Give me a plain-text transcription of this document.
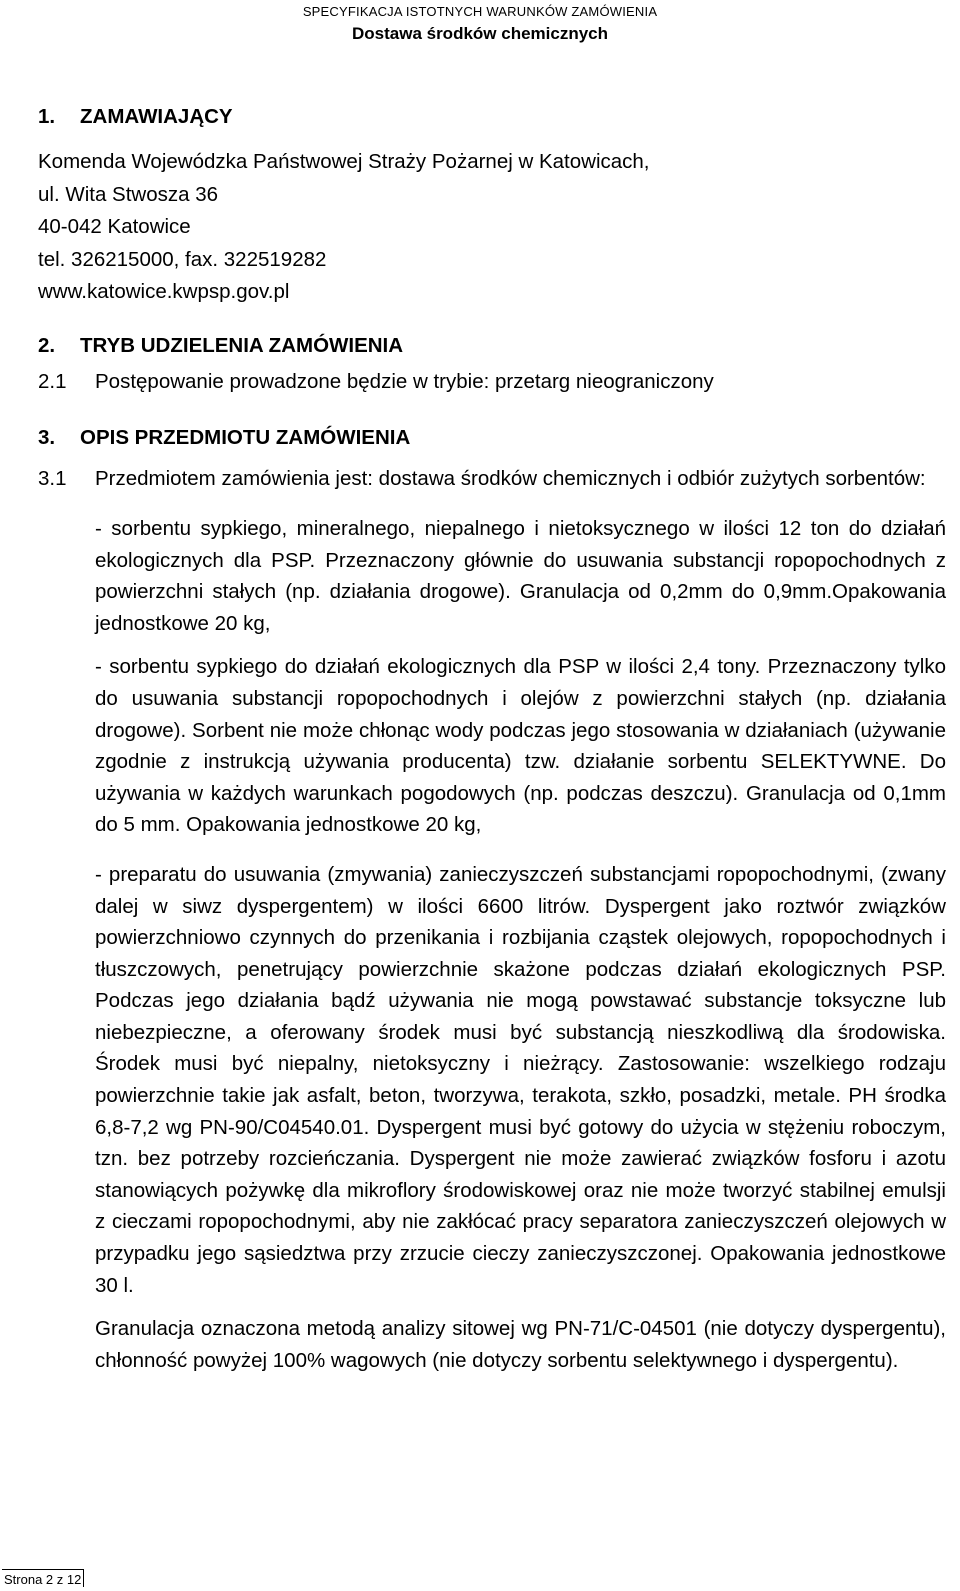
SPECYFIKACJA ISTOTNYCH WARUNKÓW ZAMÓWIENIA
Dostawa środków chemicznych
1. ZAMAWIAJĄCY
Komenda Wojewódzka Państwowej Straży Pożarnej w Katowicach,
ul. Wita Stwosza 36
40-042 Katowice
tel. 326215000, fax. 322519282
www.katowice.kwpsp.gov.pl
2. TRYB UDZIELENIA ZAMÓWIENIA
2.1 Postępowanie prowadzone będzie w trybie: przetarg nieograniczony
3. OPIS PRZEDMIOTU ZAMÓWIENIA
3.1 Przedmiotem zamówienia jest: dostawa środków chemicznych i odbiór zużytych sorbentów:
- sorbentu sypkiego, mineralnego, niepalnego i nietoksycznego w ilości 12 ton do działań ekologicznych dla PSP. Przeznaczony głównie do usuwania substancji ropopochodnych z powierzchni stałych (np. działania drogowe). Granulacja od 0,2mm do 0,9mm.Opakowania jednostkowe 20 kg,
- sorbentu sypkiego do działań ekologicznych dla PSP w ilości 2,4 tony. Przeznaczony tylko do usuwania substancji ropopochodnych i olejów z powierzchni stałych (np. działania drogowe). Sorbent nie może chłonąc wody podczas jego stosowania w działaniach (używanie zgodnie z instrukcją używania producenta) tzw. działanie sorbentu SELEKTYWNE. Do używania w każdych warunkach pogodowych (np. podczas deszczu). Granulacja od 0,1mm do 5 mm. Opakowania jednostkowe 20 kg,
- preparatu do usuwania (zmywania) zanieczyszczeń substancjami ropopochodnymi, (zwany dalej w siwz dyspergentem) w ilości 6600 litrów. Dyspergent jako roztwór związków powierzchniowo czynnych do przenikania i rozbijania cząstek olejowych, ropopochodnych i tłuszczowych, penetrujący powierzchnie skażone podczas działań ekologicznych PSP. Podczas jego działania bądź używania nie mogą powstawać substancje toksyczne lub niebezpieczne, a oferowany środek musi być substancją nieszkodliwą dla środowiska. Środek musi być niepalny, nietoksyczny i nieżrący. Zastosowanie: wszelkiego rodzaju powierzchnie takie jak asfalt, beton, tworzywa, terakota, szkło, posadzki, metale. PH środka 6,8-7,2 wg PN-90/C04540.01. Dyspergent musi być gotowy do użycia w stężeniu roboczym, tzn. bez potrzeby rozcieńczania. Dyspergent nie może zawierać związków fosforu i azotu stanowiących pożywkę dla mikroflory środowiskowej oraz nie może tworzyć stabilnej emulsji z cieczami ropopochodnymi, aby nie zakłócać pracy separatora zanieczyszczeń olejowych w przypadku jego sąsiedztwa przy zrzucie cieczy zanieczyszczonej. Opakowania jednostkowe 30 l.
Granulacja oznaczona metodą analizy sitowej wg PN-71/C-04501 (nie dotyczy dyspergentu), chłonność powyżej 100% wagowych (nie dotyczy sorbentu selektywnego i dyspergentu).
Strona 2 z 12
